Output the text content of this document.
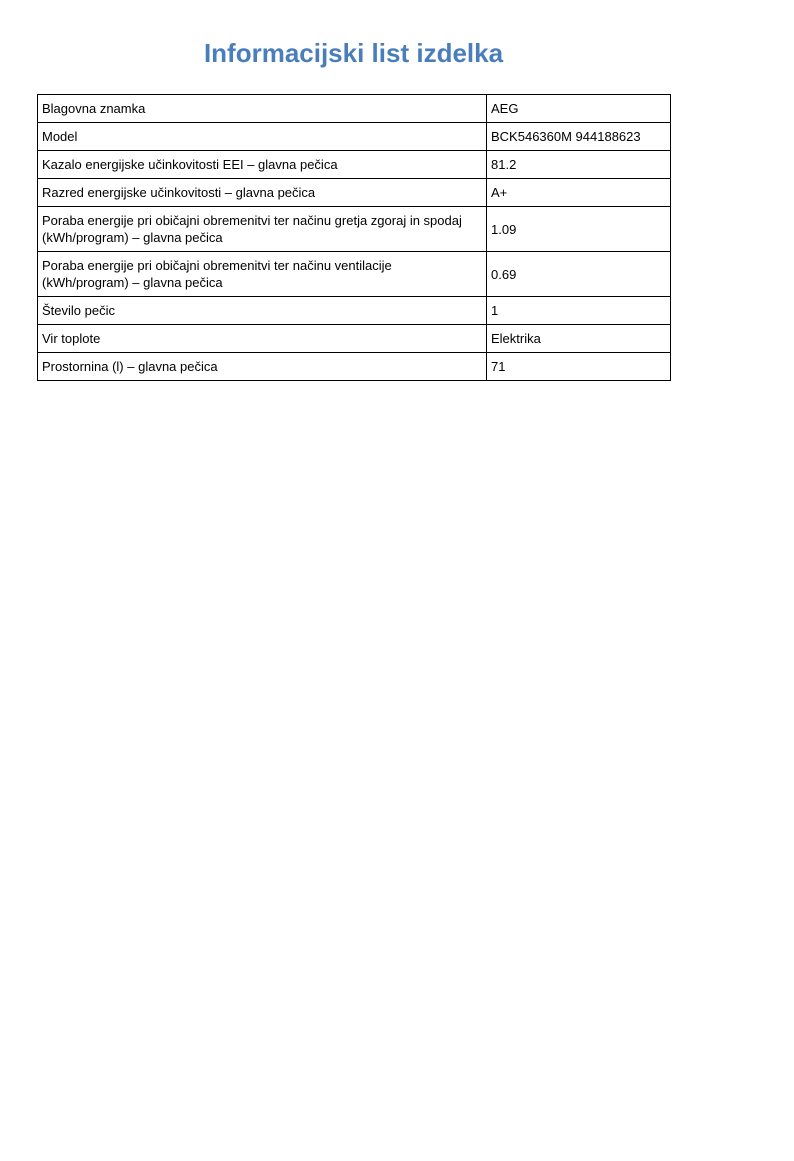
Informacijski list izdelka
Blagovna znamka	AEG
Model	BCK546360M 944188623
Kazalo energijske učinkovitosti EEI – glavna pečica	81.2
Razred energijske učinkovitosti – glavna pečica	A+
Poraba energije pri običajni obremenitvi ter načinu gretja zgoraj in spodaj (kWh/program) – glavna pečica	1.09
Poraba energije pri običajni obremenitvi ter načinu ventilacije (kWh/program) – glavna pečica	0.69
Število pečic	1
Vir toplote	Elektrika
Prostornina (l) – glavna pečica	71
